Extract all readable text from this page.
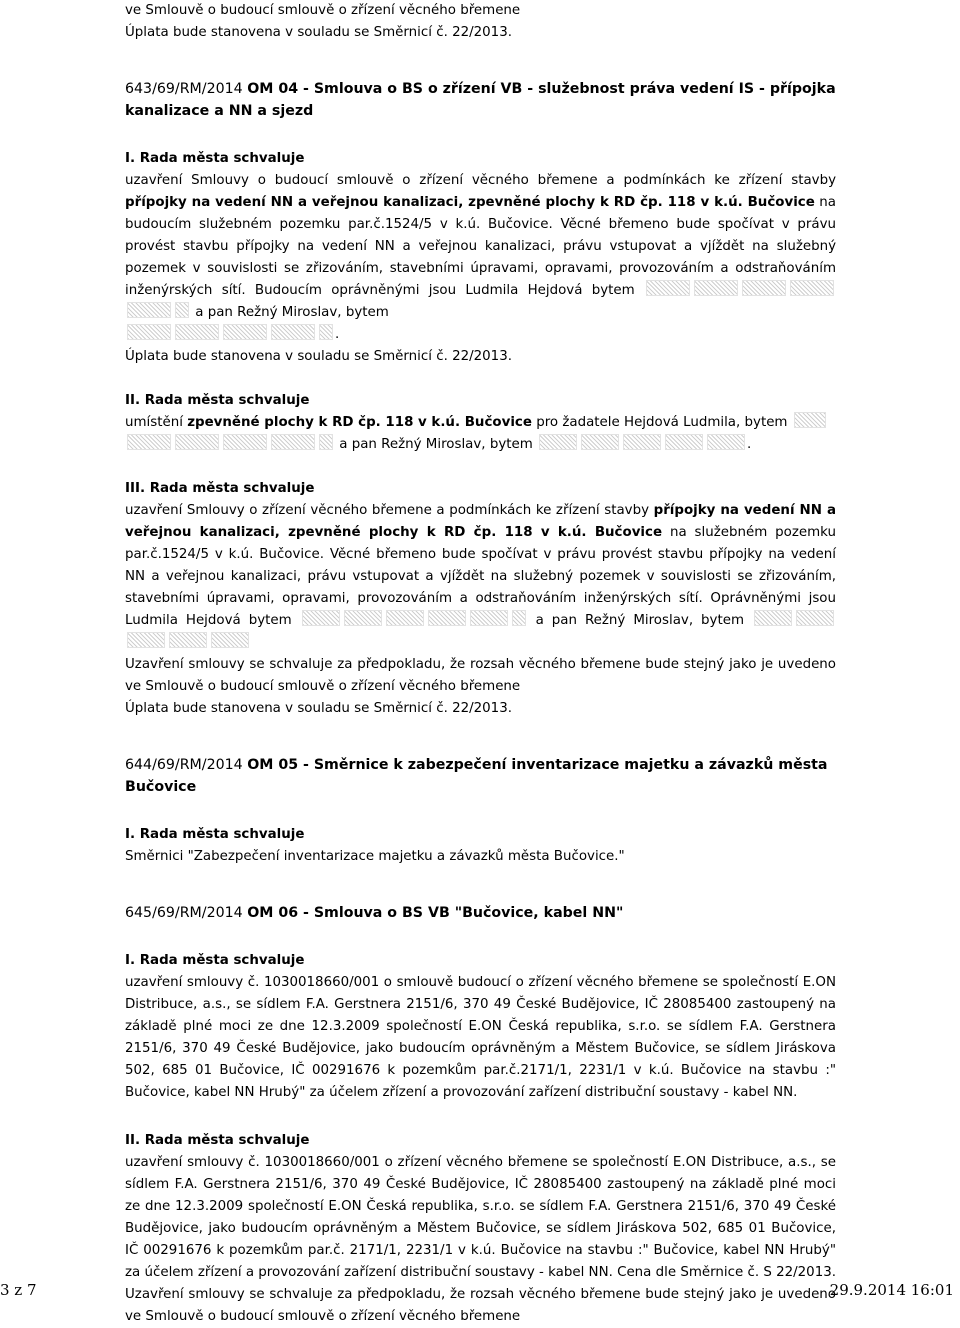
ve Smlouvě o budoucí smlouvě o zřízení věcného břemene

Úplata bude stanovena v souladu se Směrnicí č. 22/2013.

643/69/RM/2014 OM 04 - Smlouva o BS o zřízení VB - služebnost práva vedení IS - přípojka kanalizace a NN a sjezd

I. Rada města schvaluje

uzavření Smlouvy o budoucí smlouvě o zřízení věcného břemene a podmínkách ke zřízení stavby přípojky na vedení NN a veřejnou kanalizaci, zpevněné plochy k RD čp. 118 v k.ú. Bučovice na budoucím služebném pozemku par.č.1524/5 v k.ú. Bučovice. Věcné břemeno bude spočívat v právu provést stavbu přípojky na vedení NN a veřejnou kanalizaci, právu vstupovat a vjíždět na služebný pozemek v souvislosti se zřizováním, stavebními úpravami, opravami, provozováním a odstraňováním inženýrských sítí. Budoucím oprávněnými jsou Ludmila Hejdová bytem  a pan Režný Miroslav, bytem
.

Úplata bude stanovena v souladu se Směrnicí č. 22/2013.

II. Rada města schvaluje

umístění zpevněné plochy k RD čp. 118 v k.ú. Bučovice pro žadatele Hejdová Ludmila, bytem
a pan Režný Miroslav, bytem	.

III. Rada města schvaluje

uzavření Smlouvy o zřízení věcného břemene a podmínkách ke zřízení stavby přípojky na vedení NN a veřejnou kanalizaci, zpevněné plochy k RD čp. 118 v k.ú. Bučovice na služebném pozemku par.č.1524/5 v k.ú. Bučovice. Věcné břemeno bude spočívat v právu provést stavbu přípojky na vedení NN a veřejnou kanalizaci, právu vstupovat a vjíždět na služebný pozemek v souvislosti se zřizováním, stavebními úpravami, opravami, provozováním a odstraňováním inženýrských sítí. Oprávněnými jsou Ludmila Hejdová bytem	a pan Režný Miroslav, bytem

Uzavření smlouvy se schvaluje za předpokladu, že rozsah věcného břemene bude stejný jako je uvedeno ve Smlouvě o budoucí smlouvě o zřízení věcného břemene

Úplata bude stanovena v souladu se Směrnicí č. 22/2013.

644/69/RM/2014 OM 05 - Směrnice k zabezpečení inventarizace majetku a závazků města Bučovice

I. Rada města schvaluje

Směrnici "Zabezpečení inventarizace majetku a závazků města Bučovice."

645/69/RM/2014 OM 06 - Smlouva o BS VB "Bučovice, kabel NN"

I. Rada města schvaluje

uzavření smlouvy č. 1030018660/001 o smlouvě budoucí o zřízení věcného břemene se společností E.ON Distribuce, a.s., se sídlem F.A. Gerstnera 2151/6, 370 49 České Budějovice, IČ 28085400 zastoupený na základě plné moci ze dne 12.3.2009 společností E.ON Česká republika, s.r.o. se sídlem F.A. Gerstnera 2151/6, 370 49 České Budějovice, jako budoucím oprávněným a Městem Bučovice, se sídlem Jiráskova 502, 685 01 Bučovice, IČ 00291676 k pozemkům par.č.2171/1, 2231/1 v k.ú. Bučovice na stavbu :" Bučovice, kabel NN Hrubý" za účelem zřízení a provozování zařízení distribuční soustavy - kabel NN.

II. Rada města schvaluje

uzavření smlouvy č. 1030018660/001 o zřízení věcného břemene se společností E.ON Distribuce, a.s., se sídlem F.A. Gerstnera 2151/6, 370 49 České Budějovice, IČ 28085400 zastoupený na základě plné moci ze dne 12.3.2009 společností E.ON Česká republika, s.r.o. se sídlem F.A. Gerstnera 2151/6, 370 49 České Budějovice, jako budoucím oprávněným a Městem Bučovice, se sídlem Jiráskova 502, 685 01 Bučovice, IČ 00291676 k pozemkům par.č. 2171/1, 2231/1 v k.ú. Bučovice na stavbu :" Bučovice, kabel NN Hrubý" za účelem zřízení a provozování zařízení distribuční soustavy - kabel NN. Cena dle Směrnice č. S 22/2013. Uzavření smlouvy se schvaluje za předpokladu, že rozsah věcného břemene bude stejný jako je uvedeno ve Smlouvě o budoucí smlouvě o zřízení věcného břemene

3 z 7	29.9.2014 16:01
